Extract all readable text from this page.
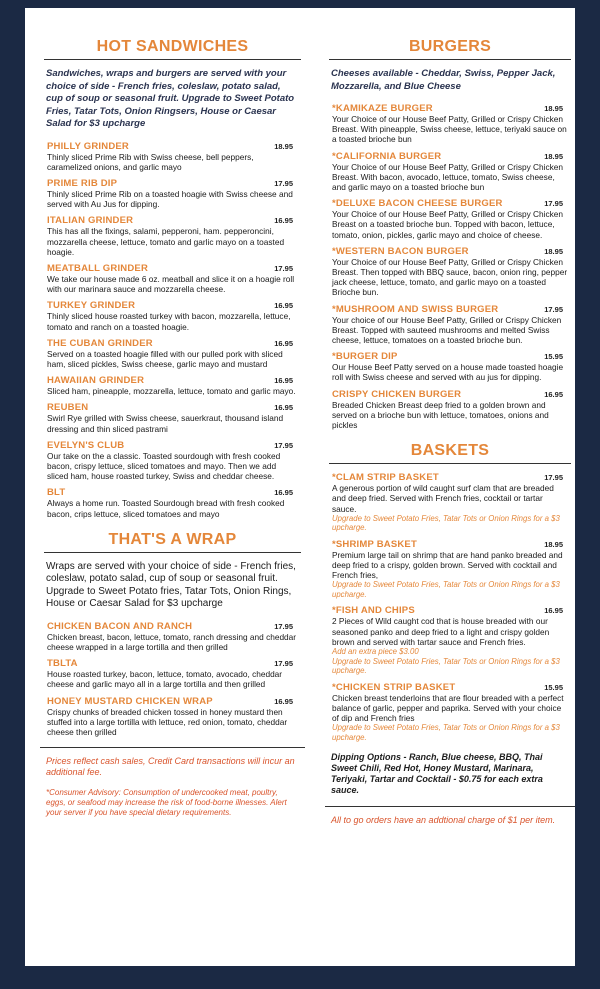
HOT SANDWICHES
Sandwiches, wraps and burgers are served with your choice of side - French fries, coleslaw, potato salad, cup of soup or seasonal fruit. Upgrade to Sweet Potato Fries, Tatar Tots, Onion Ringsers, House or Caesar Salad for $3 upcharge
PHILLY GRINDER	18.95
Thinly sliced Prime Rib with Swiss cheese, bell peppers, caramelized onions, and garlic mayo
PRIME RIB DIP	17.95
Thinly sliced Prime Rib on a toasted hoagie with Swiss cheese and served with Au Jus for dipping.
ITALIAN GRINDER	16.95
This has all the fixings, salami, pepperoni, ham. pepperoncini, mozzarella cheese, lettuce, tomato and garlic mayo on a toasted hoagie.
MEATBALL GRINDER	17.95
We take our house made 6 oz. meatball and slice it on a hoagie roll with our marinara sauce and mozzarella cheese.
TURKEY GRINDER	16.95
Thinly sliced house roasted turkey with bacon, mozzarella, lettuce, tomato and ranch on a toasted hoagie.
THE CUBAN GRINDER	16.95
Served on a toasted hoagie filled with our pulled pork with sliced ham, sliced pickles, Swiss cheese, garlic mayo and mustard
HAWAIIAN GRINDER	16.95
Sliced ham, pineapple, mozzarella, lettuce, tomato and garlic mayo.
REUBEN	16.95
Swirl Rye grilled with Swiss cheese, sauerkraut, thousand island dressing and thin sliced pastrami
EVELYN'S CLUB	17.95
Our take on the a classic. Toasted sourdough with fresh cooked bacon, crispy lettuce, sliced tomatoes and mayo. Then we add sliced ham, house roasted turkey, Swiss and cheddar cheese.
BLT	16.95
Always a home run. Toasted Sourdough bread with fresh cooked bacon, crips lettuce, sliced tomatoes and mayo
THAT'S A WRAP
Wraps are served with your choice of side - French fries, coleslaw, potato salad, cup of soup or seasonal fruit. Upgrade to Sweet Potato fries, Tatar Tots, Onion Rings, House or Caesar Salad for $3 upcharge
CHICKEN BACON AND RANCH	17.95
Chicken breast, bacon, lettuce, tomato, ranch dressing and cheddar cheese wrapped in a large tortilla and then grilled
TBLTA	17.95
House roasted turkey, bacon, lettuce, tomato, avocado, cheddar cheese and garlic mayo all in a large tortilla and then grilled
HONEY MUSTARD CHICKEN WRAP	16.95
Crispy chunks of breaded chicken tossed in honey mustard then stuffed into a large tortilla with lettuce, red onion, tomato, cheddar cheese then grilled
Prices reflect cash sales, Credit Card transactions will incur an additional fee.
*Consumer Advisory: Consumption of undercooked meat, poultry, eggs, or seafood may increase the risk of food-borne illnesses. Alert your server if you have special dietary requirements.
BURGERS
Cheeses available - Cheddar, Swiss, Pepper Jack, Mozzarella, and Blue Cheese
*KAMIKAZE BURGER	18.95
Your Choice of our House Beef Patty, Grilled or Crispy Chicken Breast. With pineapple, Swiss cheese, lettuce, teriyaki sauce on a toasted brioche bun
*CALIFORNIA BURGER	18.95
Your Choice of our House Beef Patty, Grilled or Crispy Chicken Breast. With bacon, avocado, lettuce, tomato, Swiss cheese, and garlic mayo on a toasted brioche bun
*DELUXE BACON CHEESE BURGER	17.95
Your Choice of our House Beef Patty, Grilled or Crispy Chicken Breast on a toasted brioche bun. Topped with bacon, lettuce, tomato, onion, pickles, garlic mayo and choice of cheese.
*WESTERN BACON BURGER	18.95
Your Choice of our House Beef Patty, Grilled or Crispy Chicken Breast. Then topped with BBQ sauce, bacon, onion ring, pepper jack cheese, lettuce, tomato, and garlic mayo on a toasted Brioche bun.
*MUSHROOM AND SWISS BURGER	17.95
Your choice of our House Beef Patty, Grilled or Crispy Chicken Breast. Topped with sauteed mushrooms and melted Swiss cheese, lettuce, tomatoes on a toasted brioche bun.
*BURGER DIP	15.95
Our House Beef Patty served on a house made toasted hoagie roll with Swiss cheese and served with au jus for dipping.
CRISPY CHICKEN BURGER	16.95
Breaded Chicken Breast deep fried to a golden brown and served on a brioche bun with lettuce, tomatoes, onions and pickles
BASKETS
*CLAM STRIP BASKET	17.95
A generous portion of wild caught surf clam that are breaded and deep fried. Served with French fries, cocktail or tartar sauce.
Upgrade to Sweet Potato Fries, Tatar Tots or Onion Rings for a $3 upcharge.
*SHRIMP BASKET	18.95
Premium large tail on shrimp that are hand panko breaded and deep fried to a crispy, golden brown. Served with cocktail and French fries,
Upgrade to Sweet Potato Fries, Tatar Tots or Onion Rings for a $3 upcharge.
*FISH AND CHIPS	16.95
2 Pieces of Wild caught cod that is house breaded with our seasoned panko and deep fried to a light and crispy golden brown and served with tartar sauce and French fries.
Add an extra piece $3.00
Upgrade to Sweet Potato Fries, Tatar Tots or Onion Rings for a $3 upcharge.
*CHICKEN STRIP BASKET	15.95
Chicken breast tenderloins that are flour breaded with a perfect balance of garlic, pepper and paprika. Served with your choice of dip and French fries
Upgrade to Sweet Potato Fries, Tatar Tots or Onion Rings for a $3 upcharge.
Dipping Options - Ranch, Blue cheese, BBQ, Thai Sweet Chili, Red Hot, Honey Mustard, Marinara, Teriyaki, Tartar and Cocktail - $0.75 for each extra sauce.
All to go orders have an addtional charge of $1 per item.
